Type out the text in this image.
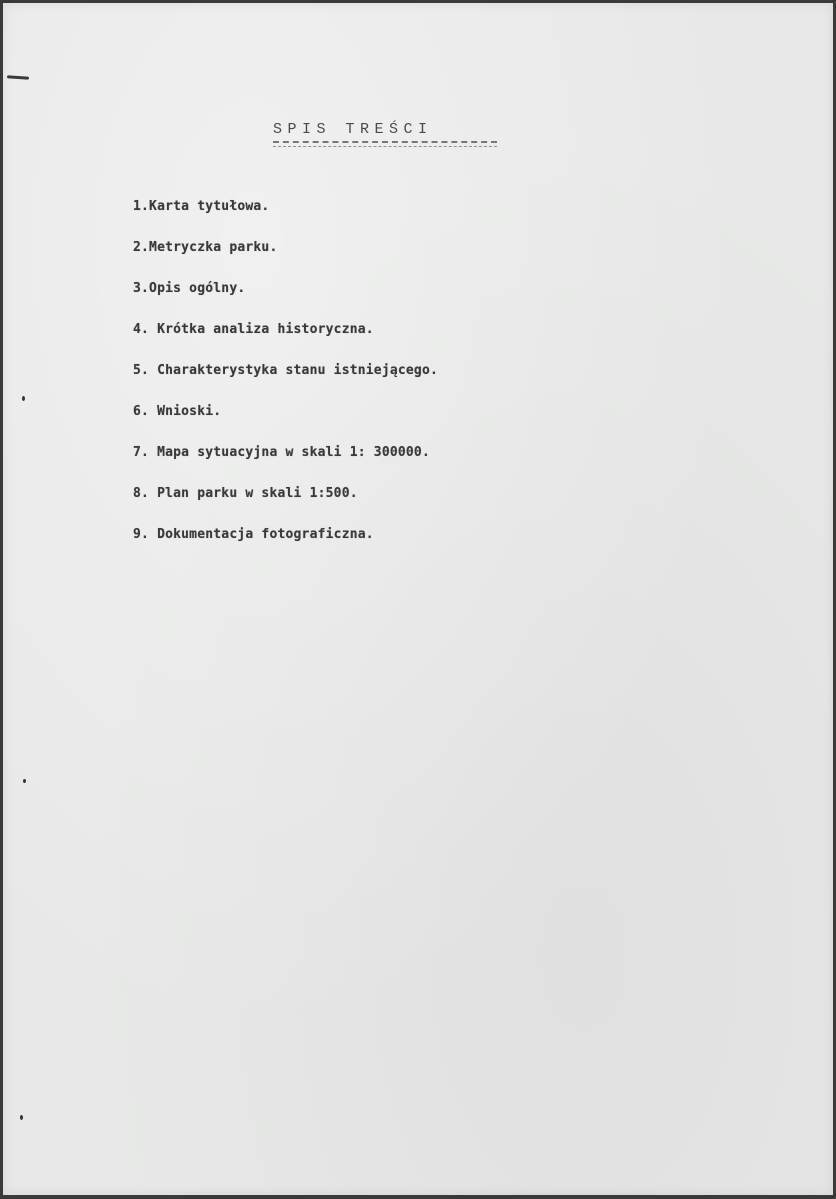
SPIS TREŚCI
1.Karta tytułowa.
2.Metryczka parku.
3.Opis ogólny.
4. Krótka analiza historyczna.
5. Charakterystyka stanu istniejącego.
6. Wnioski.
7. Mapa sytuacyjna w skali 1: 300000.
8. Plan parku w skali 1:500.
9. Dokumentacja fotograficzna.
